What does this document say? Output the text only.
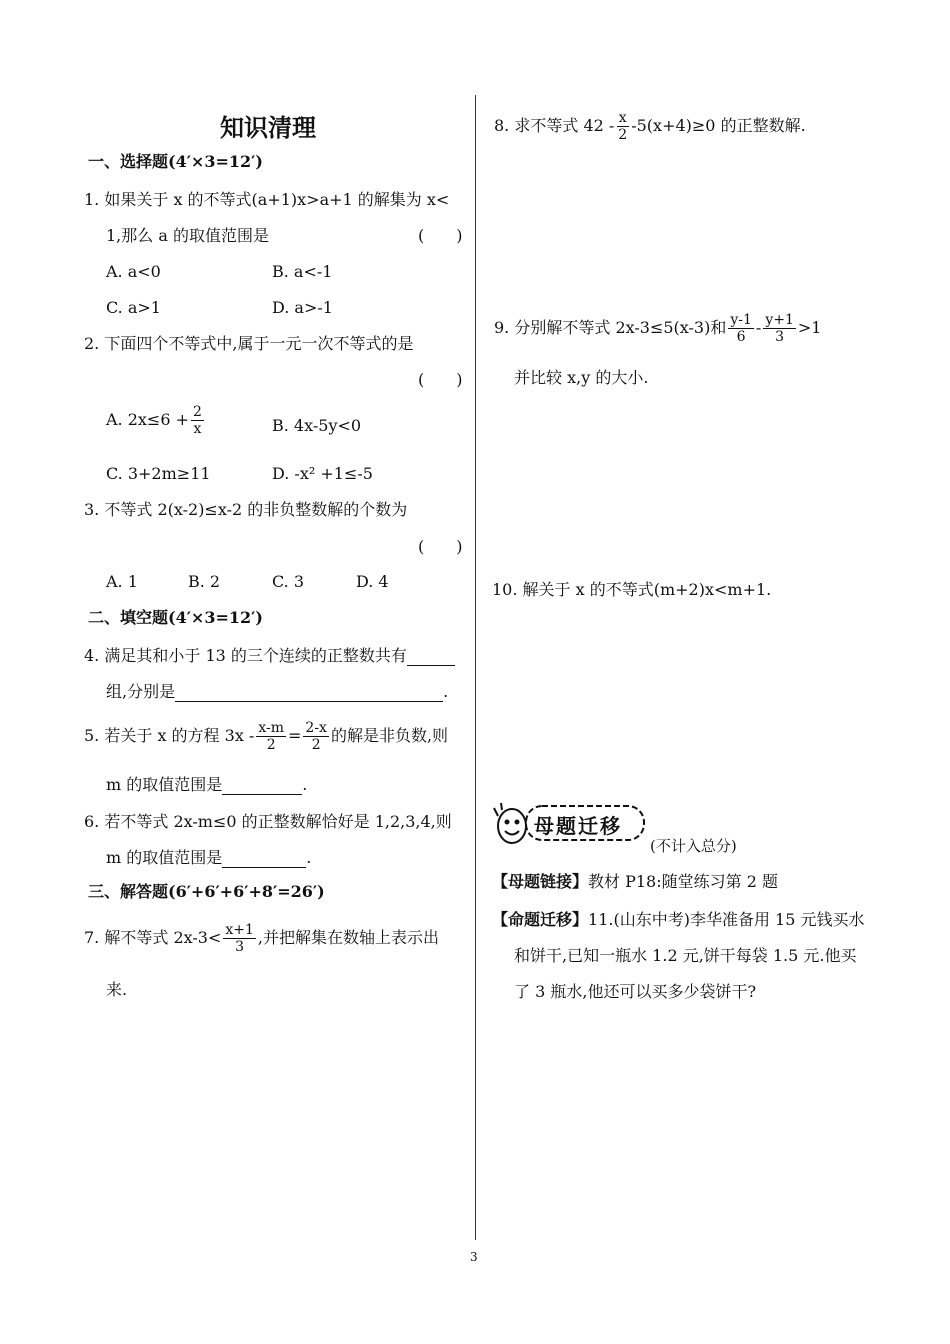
知识清理
一、选择题(4′×3=12′)
1. 如果关于 x 的不等式(a+1)x>a+1 的解集为 x<
1,那么 a 的取值范围是	(　　)
A. a<0	B. a<-1
C. a>1	D. a>-1
2. 下面四个不等式中,属于一元一次不等式的是
(　　)
A. $2x\le 6 + \frac{2}{x}$	B. 4x-5y<0
C. 3+2m≥11	D. -x² +1≤-5
3. 不等式 2(x-2)≤x-2 的非负整数解的个数为
(　　)
A. 1	B. 2	C. 3	D. 4
二、填空题(4′×3=12′)
4. 满足其和小于 13 的三个连续的正整数共有
组,分别是	.
5. 若关于 x 的方程 $3x - \frac{x-m}{2} = \frac{2-x}{2}$ 的解是非负数,则
m 的取值范围是	.
6. 若不等式 2x-m≤0 的正整数解恰好是 1,2,3,4,则
m 的取值范围是	.
三、解答题(6′+6′+6′+8′=26′)
7. 解不等式 $2x-3< \frac{x+1}{3}$ ,并把解集在数轴上表示出
来.
8. 求不等式 $42 - \frac{x}{2} -5(x+4)\ge 0$ 的正整数解.
9. 分别解不等式 2x-3≤5(x-3)和 $\frac{y-1}{6} - \frac{y+1}{3} >1$
并比较 x,y 的大小.
10. 解关于 x 的不等式(m+2)x<m+1.
母题迁移
(不计入总分)
【母题链接】教材 P18:随堂练习第 2 题
【命题迁移】11.(山东中考)李华准备用 15 元钱买水
和饼干,已知一瓶水 1.2 元,饼干每袋 1.5 元.他买
了 3 瓶水,他还可以买多少袋饼干?
3
